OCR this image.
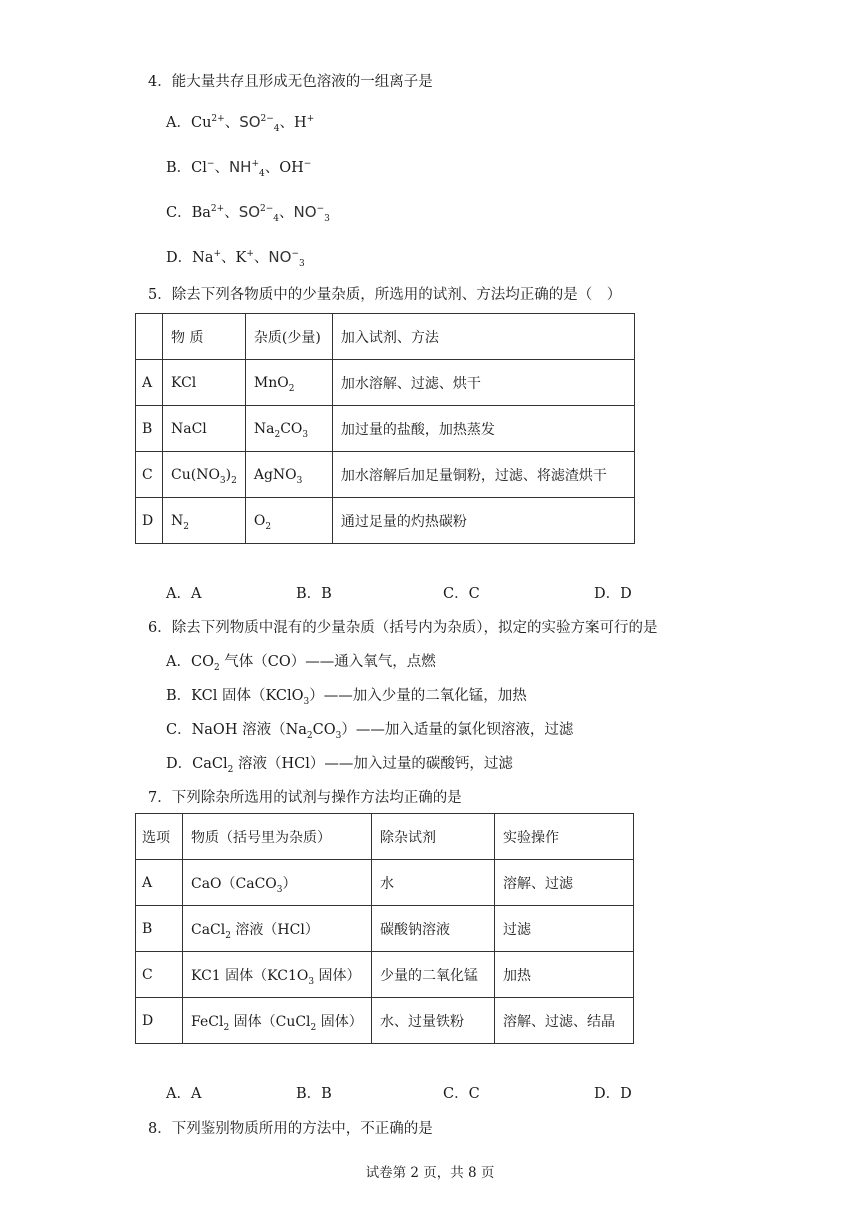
4．能大量共存且形成无色溶液的一组离子是
A．$Cu^{2+}$、$SO^{2-}_4$、H+
B．Cl−、$NH^+_4$、OH−
C．$Ba^{2+}$、$SO^{2-}_4$、$NO^-_3$
D．Na+、K+、$NO^-_3$
5．除去下列各物质中的少量杂质，所选用的试剂、方法均正确的是（　）
	物 质	杂质(少量)	加入试剂、方法
A	KCl	MnO$_2$	加水溶解、过滤、烘干
B	NaCl	$Na_2CO_3$	加过量的盐酸，加热蒸发
C	$Cu(NO_3)_2$	AgNO$_3$	加水溶解后加足量铜粉，过滤、将滤渣烘干
D	$N_2$	$O_2$	通过足量的灼热碳粉
A．A	B．B	C．C	D．D
6．除去下列物质中混有的少量杂质（括号内为杂质），拟定的实验方案可行的是
A．$CO_2$ 气体（CO）——通入氧气，点燃
B．KCl 固体（KClO$_3$）——加入少量的二氧化锰，加热
C．NaOH 溶液$(Na_2CO_3)——$加入适量的氯化钡溶液，过滤
D．CaCl$_2$ 溶液（HCl）——加入过量的碳酸钙，过滤
7．下列除杂所选用的试剂与操作方法均正确的是
选项	物质（括号里为杂质）	除杂试剂	实验操作
A	CaO（CaCO$_3$）	水	溶解、过滤
B	CaCl$_2$ 溶液（HCl）	碳酸钠溶液	过滤
C	KC1 固体（$KC1O_3$ 固体）	少量的二氧化锰	加热
D	FeCl$_2$ 固体（CuCl$_2$ 固体）	水、过量铁粉	溶解、过滤、结晶
A．A	B．B	C．C	D．D
8．下列鉴别物质所用的方法中，不正确的是
试卷第 2 页，共 8 页
